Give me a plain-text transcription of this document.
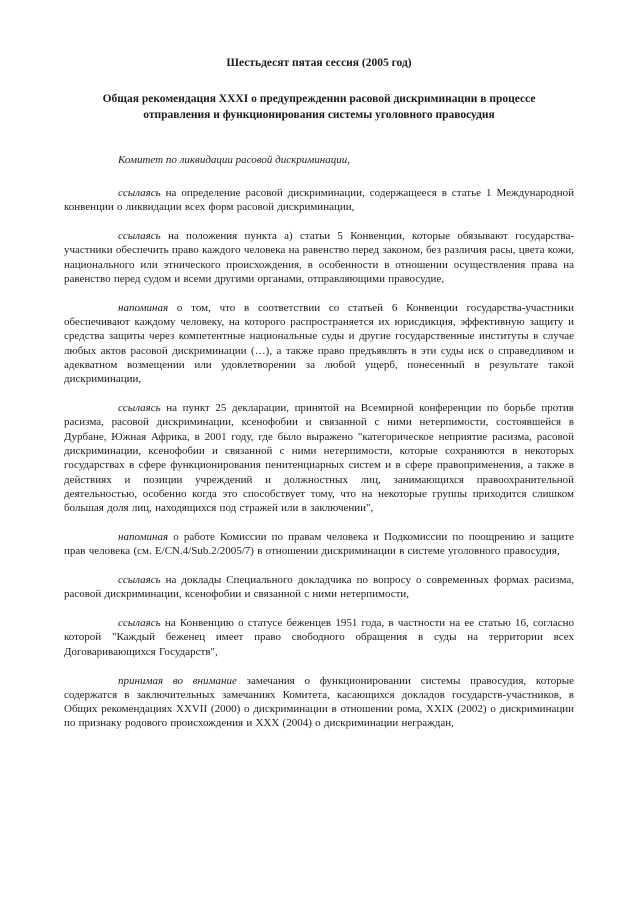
Шестьдесят пятая сессия (2005 год)
Общая рекомендация XXXI о предупреждении расовой дискриминации в процессе отправления и функционирования системы уголовного правосудия

Комитет по ликвидации расовой дискриминации,

ссылаясь на определение расовой дискриминации, содержащееся в статье 1 Международной конвенции о ликвидации всех форм расовой дискриминации,

ссылаясь на положения пункта а) статьи 5 Конвенции, которые обязывают государства-участники обеспечить право каждого человека на равенство перед законом, без различия расы, цвета кожи, национального или этнического происхождения, в особенности в отношении осуществления права на равенство перед судом и всеми другими органами, отправляющими правосудие,

напоминая о том, что в соответствии со статьей 6 Конвенции государства-участники обеспечивают каждому человеку, на которого распространяется их юрисдикция, эффективную защиту и средства защиты через компетентные национальные суды и другие государственные институты в случае любых актов расовой дискриминации (…), а также право предъявлять в эти суды иск о справедливом и адекватном возмещении или удовлетворении за любой ущерб, понесенный в результате такой дискриминации,

ссылаясь на пункт 25 декларации, принятой на Всемирной конференции по борьбе против расизма, расовой дискриминации, ксенофобии и связанной с ними нетерпимости, состоявшейся в Дурбане, Южная Африка, в 2001 году, где было выражено "категорическое неприятие расизма, расовой дискриминации, ксенофобии и связанной с ними нетерпимости, которые сохраняются в некоторых государствах в сфере функционирования пенитенциарных систем и в сфере правоприменения, а также в действиях и позиции учреждений и должностных лиц, занимающихся правоохранительной деятельностью, особенно когда это способствует тому, что на некоторые группы приходится слишком большая доля лиц, находящихся под стражей или в заключении",

напоминая о работе Комиссии по правам человека и Подкомиссии по поощрению и защите прав человека (см. E/CN.4/Sub.2/2005/7) в отношении дискриминации в системе уголовного правосудия,

ссылаясь на доклады Специального докладчика по вопросу о современных формах расизма, расовой дискриминации, ксенофобии и связанной с ними нетерпимости,

ссылаясь на Конвенцию о статусе беженцев 1951 года, в частности на ее статью 16, согласно которой "Каждый беженец имеет право свободного обращения в суды на территории всех Договаривающихся Государств",

принимая во внимание замечания о функционировании системы правосудия, которые содержатся в заключительных замечаниях Комитета, касающихся докладов государств-участников, в Общих рекомендациях XXVII (2000) о дискриминации в отношении рома, XXIX (2002) о дискриминации по признаку родового происхождения и XXX (2004) о дискриминации неграждан,
